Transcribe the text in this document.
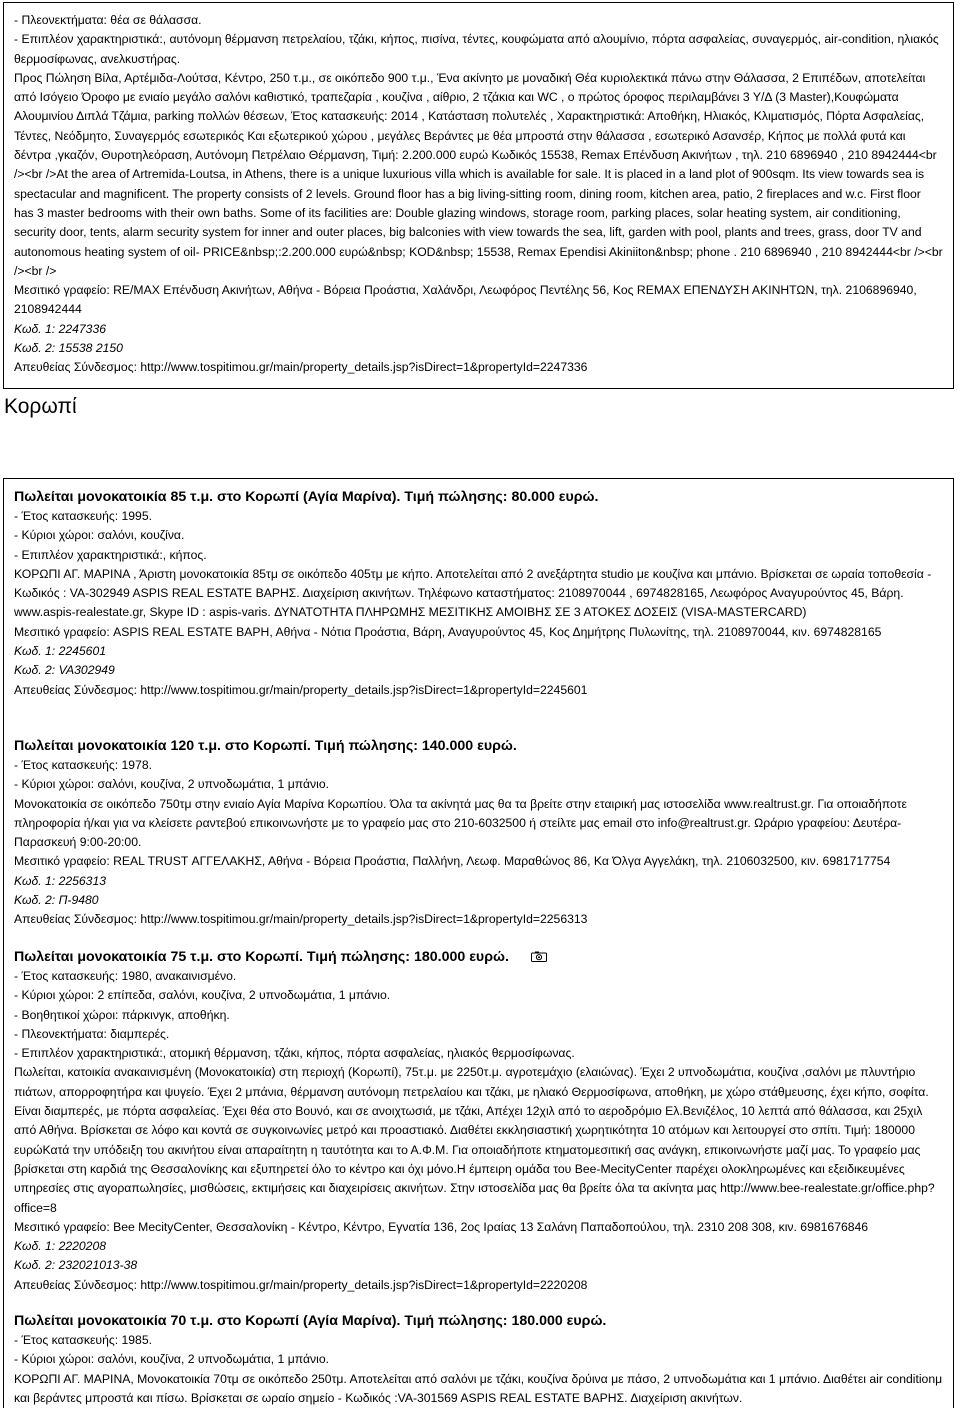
- Πλεονεκτήματα: θέα σε θάλασσα.

- Επιπλέον χαρακτηριστικά:, αυτόνομη θέρμανση πετρελαίου, τζάκι, κήπος, πισίνα, τέντες, κουφώματα από αλουμίνιο, πόρτα ασφαλείας, συναγερμός, air-condition, ηλιακός θερμοσίφωνας, ανελκυστήρας.

Προς Πώληση Βίλα, Αρτέμιδα-Λούτσα, Κέντρο, 250 τ.μ., σε οικόπεδο 900 τ.μ., Ένα ακίνητο με μοναδική Θέα κυριολεκτικά πάνω στην Θάλασσα, 2 Επιπέδων, αποτελείται από Ισόγειο Όροφο με ενιαίο μεγάλο σαλόνι καθιστικό, τραπεζαρία , κουζίνα , αίθριο, 2 τζάκια και WC , ο πρώτος όροφος περιλαμβάνει 3 Υ/Δ (3 Master),Κουφώματα Αλουμινίου Διπλά Τζάμια, parking πολλών θέσεων, Έτος κατασκευής: 2014 , Κατάσταση πολυτελές , Χαρακτηριστικά: Αποθήκη, Ηλιακός, Κλιματισμός, Πόρτα Ασφαλείας, Τέντες, Νεόδμητο, Συναγερμός εσωτερικός Και εξωτερικού χώρου , μεγάλες Βεράντες με θέα μπροστά στην θάλασσα , εσωτερικό Ασανσέρ, Κήπος με πολλά φυτά και δέντρα ,γκαζόν, Θυροτηλεόραση, Αυτόνομη Πετρέλαιο Θέρμανση, Τιμή: 2.200.000 ευρώ Κωδικός 15538, Remax Επένδυση Ακινήτων , τηλ. 210 6896940 , 210 8942444<br /><br />At the area of Artremida-Loutsa, in Athens, there is a unique luxurious villa which is available for sale. It is placed in a land plot of 900sqm. Its view towards sea is spectacular and magnificent. The property consists of 2 levels. Ground floor has a big living-sitting room, dining room, kitchen area, patio, 2 fireplaces and w.c. First floor has 3 master bedrooms with their own baths. Some of its facilities are: Double glazing windows, storage room, parking places, solar heating system, air conditioning, security door, tents, alarm security system for inner and outer places, big balconies with view towards the sea, lift, garden with pool, plants and trees, grass, door TV and autonomous heating system of oil- PRICE&nbsp;:2.200.000 ευρώ&nbsp; KOD&nbsp; 15538, Remax Ependisi Akiniiton&nbsp; phone . 210 6896940 , 210 8942444<br /><br /><br />

Μεσιτικό γραφείο: RE/MAX Επένδυση Ακινήτων, Αθήνα - Βόρεια Προάστια, Χαλάνδρι, Λεωφόρος Πεντέλης 56, Κος REMAX ΕΠΕΝΔΥΣΗ ΑΚΙΝΗΤΩΝ, τηλ. 2106896940, 2108942444

Κωδ. 1: 2247336

Κωδ. 2: 15538 2150

Απευθείας Σύνδεσμος: http://www.tospitimou.gr/main/property_details.jsp?isDirect=1&propertyId=2247336

Κορωπί

Πωλείται μονοκατοικία 85 τ.μ. στο Κορωπί (Αγία Μαρίνα). Τιμή πώλησης: 80.000 ευρώ.

- Έτος κατασκευής: 1995.

- Κύριοι χώροι: σαλόνι, κουζίνα.

- Επιπλέον χαρακτηριστικά:, κήπος.

ΚΟΡΩΠΙ ΑΓ. ΜΑΡΙΝΑ , Άριστη μονοκατοικία 85τμ σε οικόπεδο 405τμ με κήπο. Αποτελείται από 2 ανεξάρτητα studio με κουζίνα και μπάνιο. Βρίσκεται σε ωραία τοποθεσία - Κωδικός : VA-302949 ASPIS REAL ESTATE ΒΑΡΗΣ. Διαχείριση ακινήτων. Τηλέφωνο καταστήματος: 2108970044 , 6974828165, Λεωφόρος Αναγυρούντος 45, Βάρη. www.aspis-realestate.gr, Skype ID : aspis-varis. ΔΥΝΑΤΟΤΗΤΑ ΠΛΗΡΩΜΗΣ ΜΕΣΙΤΙΚΗΣ ΑΜΟΙΒΗΣ ΣΕ 3 ΑΤΟΚΕΣ ΔΟΣΕΙΣ (VISA-MASTERCARD)

Μεσιτικό γραφείο: ASPIS REAL ESTATE ΒΑΡΗ, Αθήνα - Νότια Προάστια, Βάρη, Αναγυρούντος 45, Κος Δημήτρης Πυλωνίτης, τηλ. 2108970044, κιν. 6974828165

Κωδ. 1: 2245601

Κωδ. 2: VA302949

Απευθείας Σύνδεσμος: http://www.tospitimou.gr/main/property_details.jsp?isDirect=1&propertyId=2245601

Πωλείται μονοκατοικία 120 τ.μ. στο Κορωπί. Τιμή πώλησης: 140.000 ευρώ.

- Έτος κατασκευής: 1978.

- Κύριοι χώροι: σαλόνι, κουζίνα, 2 υπνοδωμάτια, 1 μπάνιο.

Μονοκατοικία σε οικόπεδο 750τμ στην ενιαίο Αγία Μαρίνα Κορωπίου. Όλα τα ακίνητά μας θα τα βρείτε στην εταιρική μας ιστοσελίδα www.realtrust.gr. Για οποιαδήποτε πληροφορία ή/και για να κλείσετε ραντεβού επικοινωνήστε με το γραφείο μας στο 210-6032500 ή στείλτε μας email στο info@realtrust.gr. Ωράριο γραφείου: Δευτέρα-Παρασκευή 9:00-20:00.

Μεσιτικό γραφείο: REAL TRUST ΑΓΓΕΛΑΚΗΣ, Αθήνα - Βόρεια Προάστια, Παλλήνη, Λεωφ. Μαραθώνος 86, Κα Όλγα Αγγελάκη, τηλ. 2106032500, κιν. 6981717754

Κωδ. 1: 2256313

Κωδ. 2: Π-9480

Απευθείας Σύνδεσμος: http://www.tospitimou.gr/main/property_details.jsp?isDirect=1&propertyId=2256313

Πωλείται μονοκατοικία 75 τ.μ. στο Κορωπί. Τιμή πώλησης: 180.000 ευρώ.

- Έτος κατασκευής: 1980, ανακαινισμένο.

- Κύριοι χώροι: 2 επίπεδα, σαλόνι, κουζίνα, 2 υπνοδωμάτια, 1 μπάνιο.

- Βοηθητικοί χώροι: πάρκινγκ, αποθήκη.

- Πλεονεκτήματα: διαμπερές.

- Επιπλέον χαρακτηριστικά:, ατομική θέρμανση, τζάκι, κήπος, πόρτα ασφαλείας, ηλιακός θερμοσίφωνας.

Πωλείται, κατοικία ανακαινισμένη (Μονοκατοικία) στη περιοχή (Κορωπί), 75τ.μ. με 2250τ.μ. αγροτεμάχιο (ελαιώνας). Έχει 2 υπνοδωμάτια, κουζίνα ,σαλόνι με πλυντήριο πιάτων, απορροφητήρα και ψυγείο. Έχει 2 μπάνια, θέρμανση αυτόνομη πετρελαίου και τζάκι, με ηλιακό Θερμοσίφωνα, αποθήκη, με χώρο στάθμευσης, έχει κήπο, σοφίτα. Είναι διαμπερές, με πόρτα ασφαλείας. Έχει θέα στο Βουνό, και σε ανοιχτωσιά, με τζάκι, Απέχει 12χιλ από το αεροδρόμιο Ελ.Βενιζέλος, 10 λεπτά από θάλασσα, και 25χιλ από Αθήνα. Βρίσκεται σε λόφο και κοντά σε συγκοινωνίες μετρό και προαστιακό. Διαθέτει εκκλησιαστική χωρητικότητα 10 ατόμων και λειτουργεί στο σπίτι. Τιμή: 180000 ευρώΚατά την υπόδειξη του ακινήτου είναι απαραίτητη η ταυτότητα και το Α.Φ.Μ. Για οποιαδήποτε κτηματομεσιτική σας ανάγκη, επικοινωνήστε μαζί μας. Το γραφείο μας βρίσκεται στη καρδιά της Θεσσαλονίκης και εξυπηρετεί όλο το κέντρο και όχι μόνο.Η έμπειρη ομάδα του Bee-MecityCenter παρέχει ολοκληρωμένες και εξειδικευμένες υπηρεσίες στις αγοραπωλησίες, μισθώσεις, εκτιμήσεις και διαχειρίσεις ακινήτων. Στην ιστοσελίδα μας θα βρείτε όλα τα ακίνητα μας http://www.bee-realestate.gr/office.php?office=8

Μεσιτικό γραφείο: Bee MecityCenter, Θεσσαλονίκη - Κέντρο, Κέντρο, Εγνατία 136, 2ος Ιραίας 13 Σαλάνη Παπαδοπούλου, τηλ. 2310 208 308, κιν. 6981676846

Κωδ. 1: 2220208

Κωδ. 2: 232021013-38

Απευθείας Σύνδεσμος: http://www.tospitimou.gr/main/property_details.jsp?isDirect=1&propertyId=2220208

Πωλείται μονοκατοικία 70 τ.μ. στο Κορωπί (Αγία Μαρίνα). Τιμή πώλησης: 180.000 ευρώ.

- Έτος κατασκευής: 1985.

- Κύριοι χώροι: σαλόνι, κουζίνα, 2 υπνοδωμάτια, 1 μπάνιο.

ΚΟΡΩΠΙ ΑΓ. ΜΑΡΙΝΑ, Μονοκατοικία 70τμ σε οικόπεδο 250τμ. Αποτελείται από σαλόνι με τζάκι, κουζίνα δρύινα με πάσο, 2 υπνοδωμάτια και 1 μπάνιο. Διαθέτει air conditionμ και βεράντες μπροστά και πίσω. Βρίσκεται σε ωραίο σημείο - Κωδικός :VA-301569 ASPIS REAL ESTATE ΒΑΡΗΣ. Διαχείριση ακινήτων.
